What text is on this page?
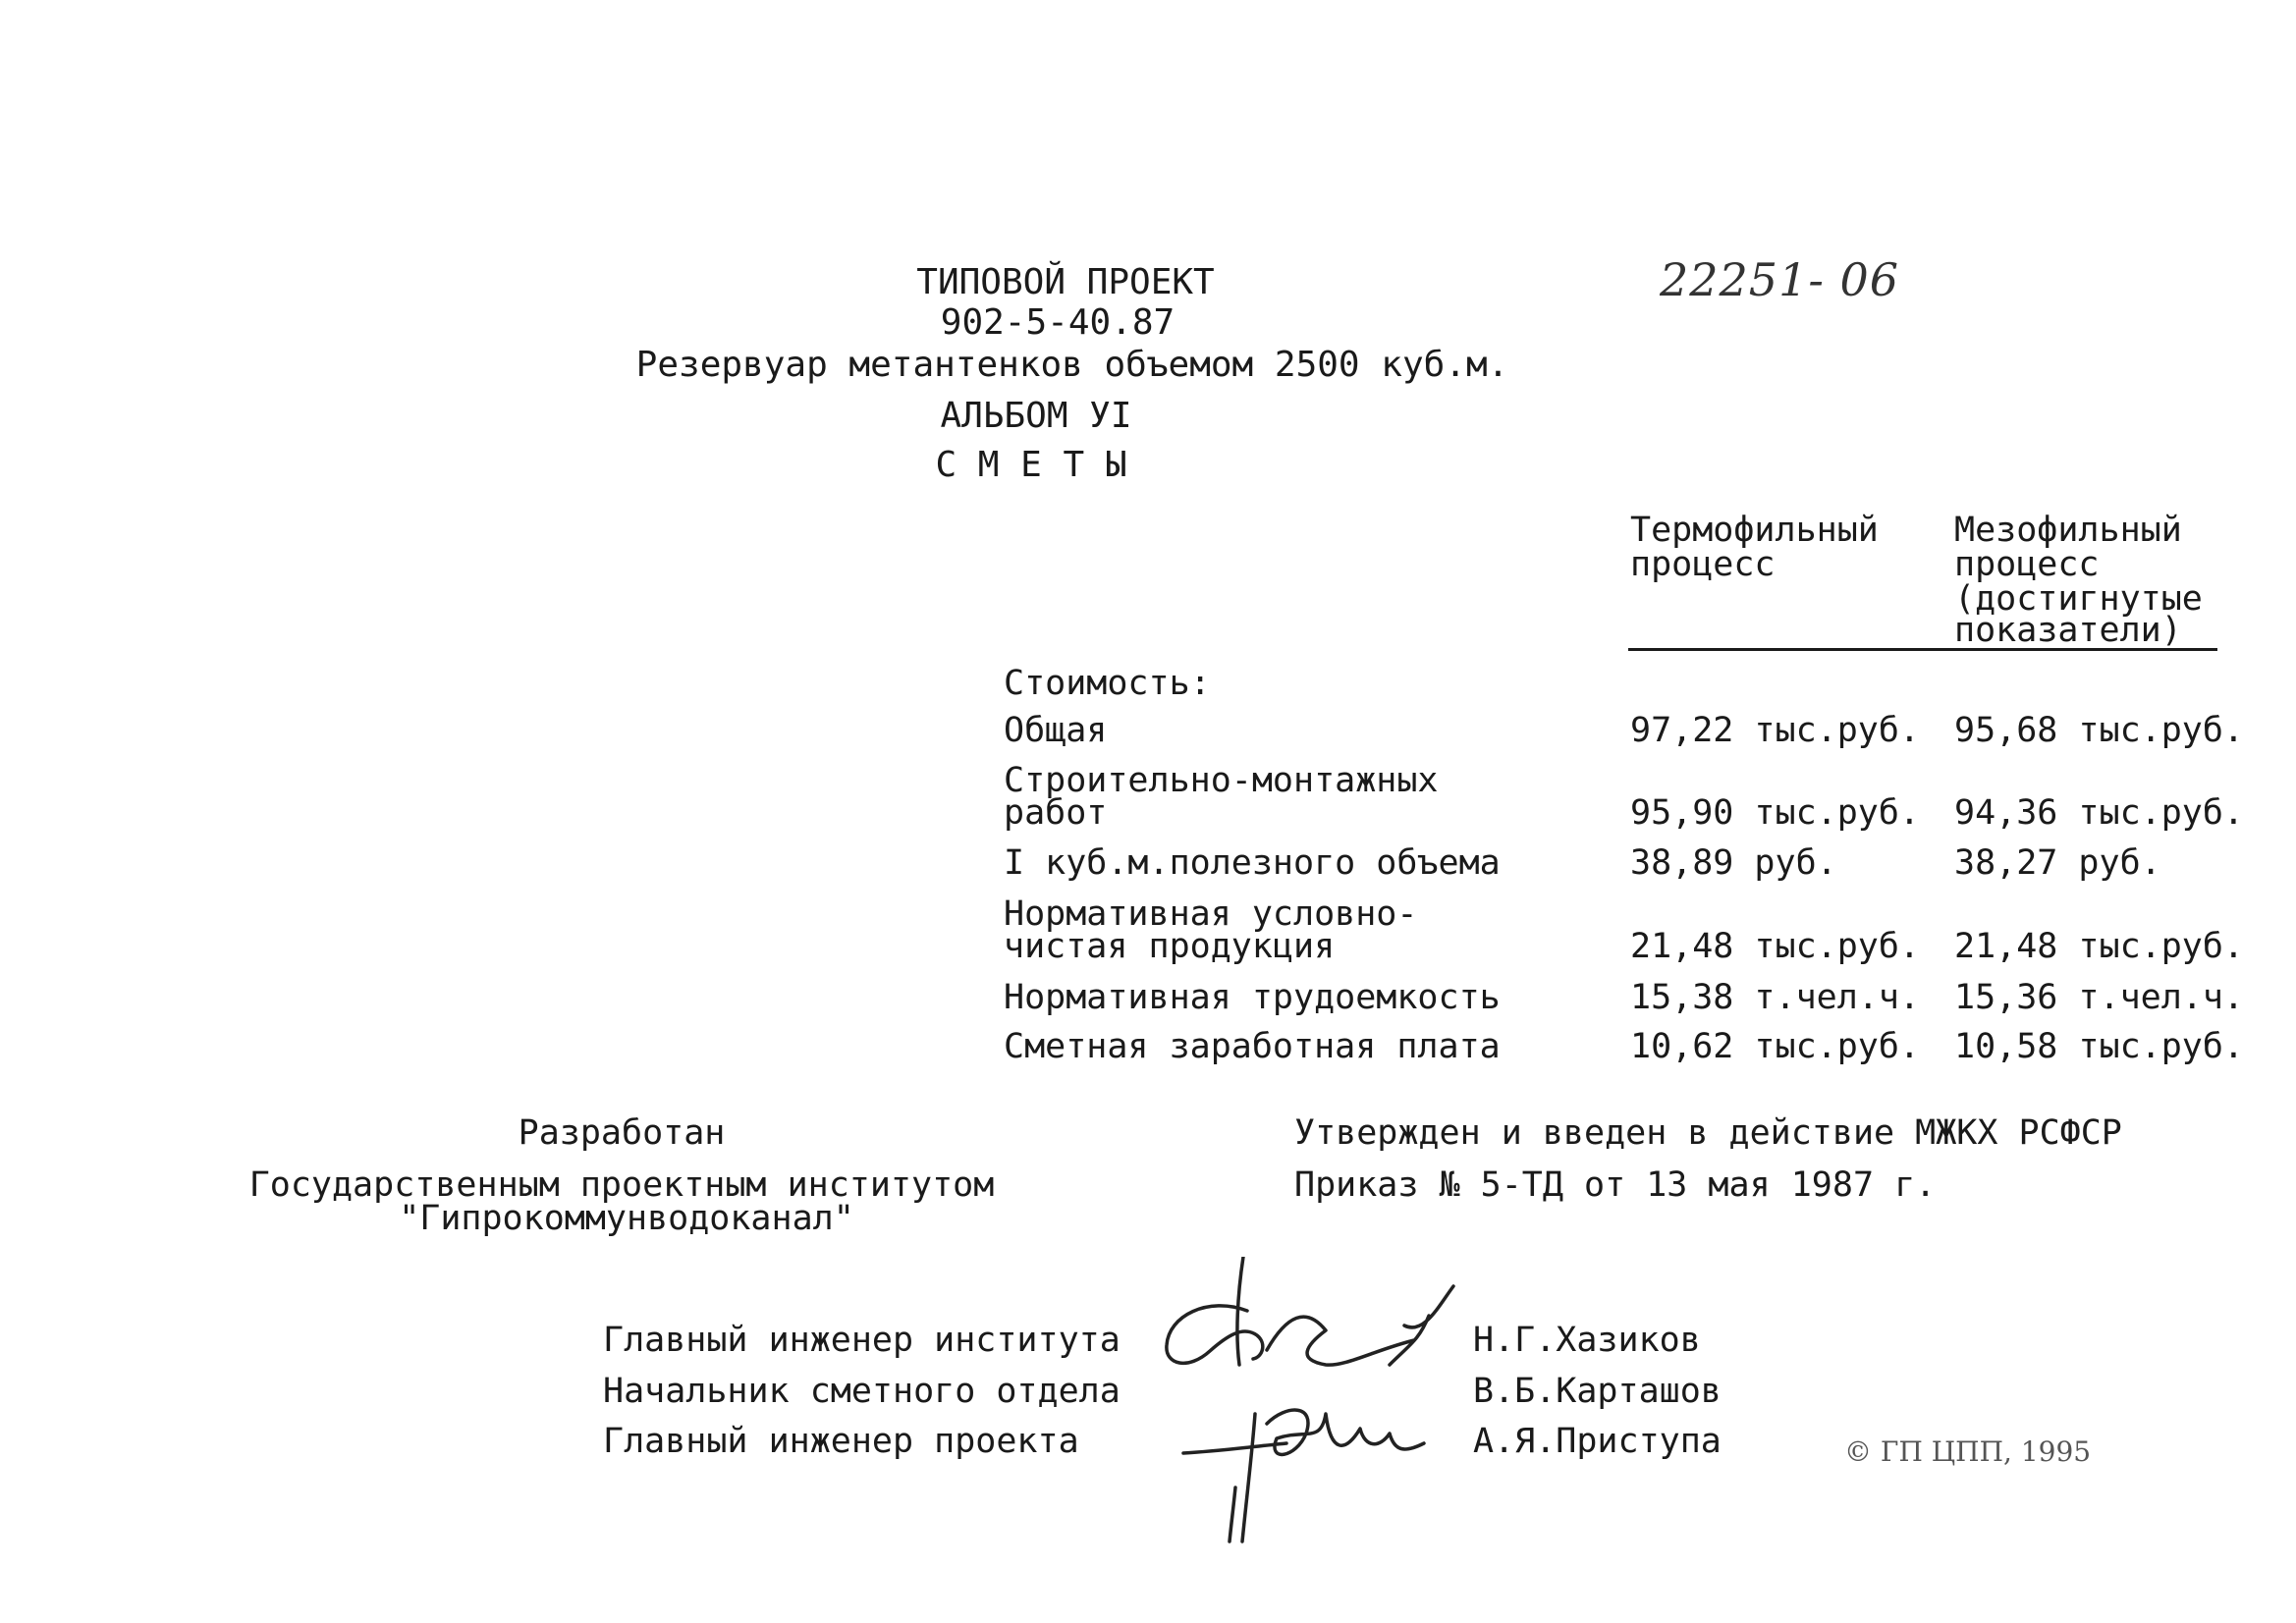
ТИПОВОЙ ПРОЕКТ
902-5-40.87
Резервуар метантенков объемом 2500 куб.м.
АЛЬБОМ УI
С М Е Т Ы
22251- 06
Термофильный
процесс
Мезофильный
процесс
(достигнутые
показатели)
Стоимость:
Общая	97,22 тыс.руб. 95,68 тыс.руб.
Строительно-монтажных
работ	95,90 тыс.руб. 94,36 тыс.руб.
I куб.м.полезного объема	38,89 руб.	38,27 руб.
Нормативная условно-
чистая продукция	21,48 тыс.руб. 21,48 тыс.руб.
Нормативная трудоемкость	15,38 т.чел.ч. 15,36 т.чел.ч.
Сметная заработная плата	10,62 тыс.руб. 10,58 тыс.руб.
Разработан
Государственным проектным институтом
"Гипрокоммунводоканал"
Утвержден и введен в действие МЖКХ РСФСР
Приказ № 5-ТД от 13 мая 1987 г.
Главный инженер института	Н.Г.Хазиков
Начальник сметного отдела	В.Б.Карташов
Главный инженер проекта	А.Я.Приступа	© ГП ЦПП, 1995
